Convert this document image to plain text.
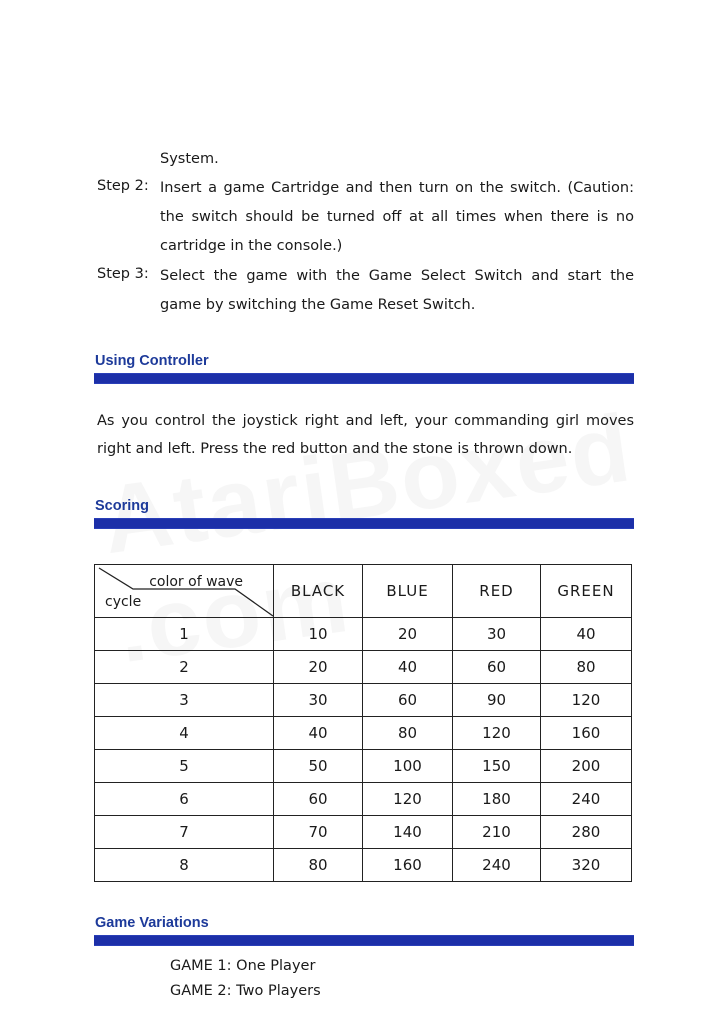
System.
Step 2: Insert a game Cartridge and then turn on the switch. (Caution:
the switch should be turned off at all times when there is no
cartridge in the console.)
Step 3: Select the game with the Game Select Switch and start the
game by switching the Game Reset Switch.
Using Controller
As you control the joystick right and left, your commanding girl moves
right and left. Press the red button and the stone is thrown down.
Scoring
color of wave
cycle	BLACK	BLUE	RED	GREEN
1	10	20	30	40
2	20	40	60	80
3	30	60	90	120
4	40	80	120	160
5	50	100	150	200
6	60	120	180	240
7	70	140	210	280
8	80	160	240	320
Game Variations
GAME 1: One Player
GAME 2: Two Players
